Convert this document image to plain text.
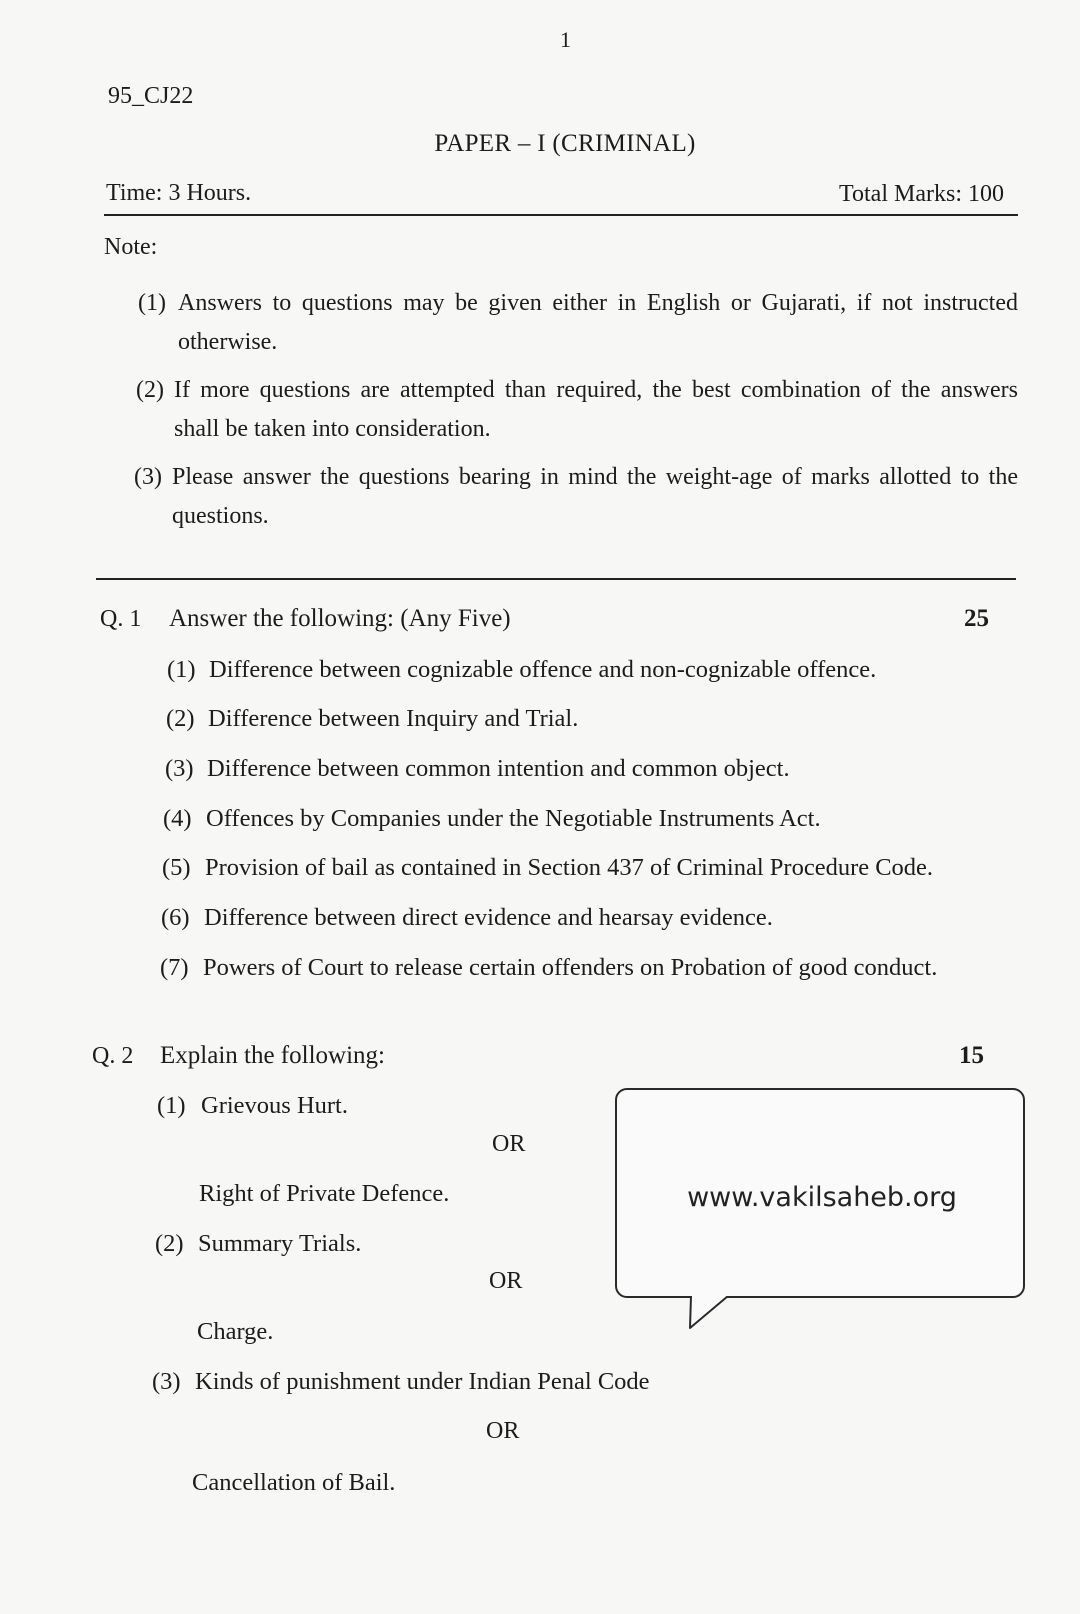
1
95_CJ22
PAPER – I (CRIMINAL)
Time: 3 Hours.	Total Marks: 100
Note:
(1) Answers to questions may be given either in English or Gujarati, if not instructed otherwise.
(2) If more questions are attempted than required, the best combination of the answers shall be taken into consideration.
(3) Please answer the questions bearing in mind the weight-age of marks allotted to the questions.
Q. 1 Answer the following: (Any Five)	25
(1) Difference between cognizable offence and non-cognizable offence.
(2) Difference between Inquiry and Trial.
(3) Difference between common intention and common object.
(4) Offences by Companies under the Negotiable Instruments Act.
(5) Provision of bail as contained in Section 437 of Criminal Procedure Code.
(6) Difference between direct evidence and hearsay evidence.
(7) Powers of Court to release certain offenders on Probation of good conduct.
Q. 2 Explain the following:	15
(1) Grievous Hurt.
OR
Right of Private Defence.
(2) Summary Trials.
OR
Charge.
(3) Kinds of punishment under Indian Penal Code
OR
Cancellation of Bail.
www.vakilsaheb.org
